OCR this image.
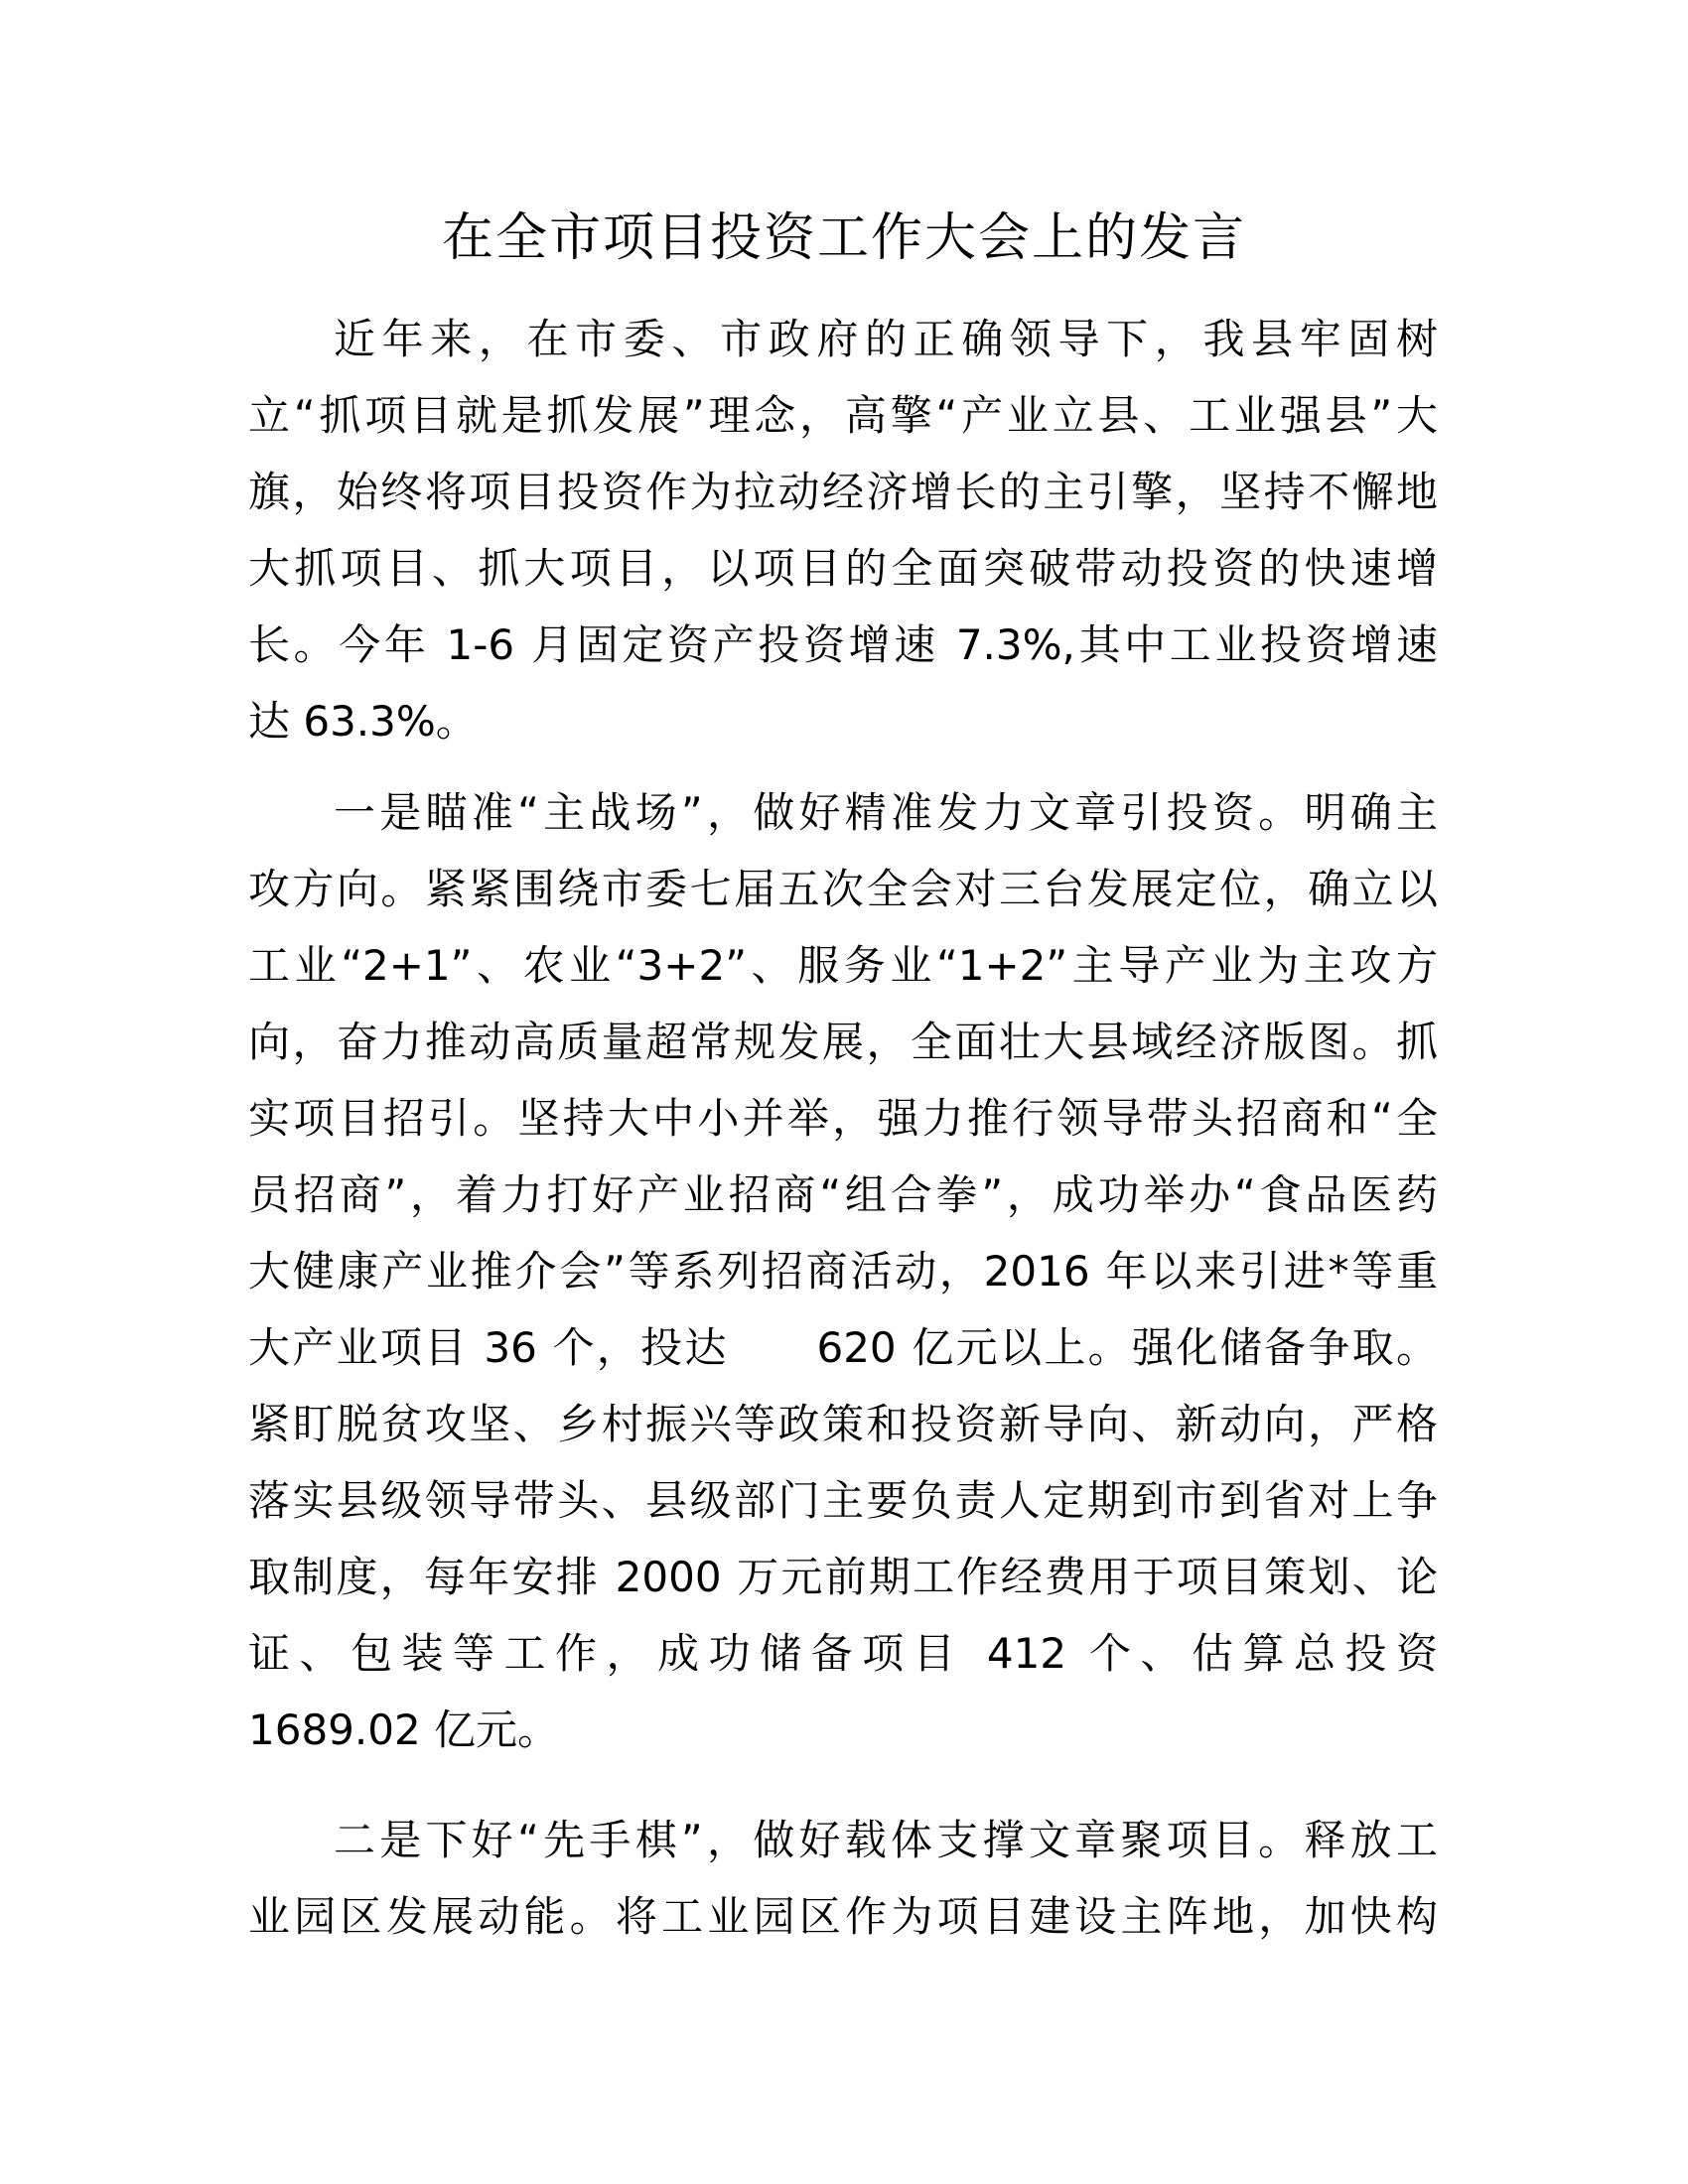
在全市项目投资工作大会上的发言
近年来，在市委、市政府的正确领导下，我县牢固树
立“抓项目就是抓发展”理念，高擎“产业立县、工业强县”大
旗，始终将项目投资作为拉动经济增长的主引擎，坚持不懈地
大抓项目、抓大项目，以项目的全面突破带动投资的快速增
长。今年 1-6 月固定资产投资增速 7.3%,其中工业投资增速
达 63.3%。
一是瞄准“主战场”，做好精准发力文章引投资。明确主
攻方向。紧紧围绕市委七届五次全会对三台发展定位，确立以
工业“2+1”、农业“3+2”、服务业“1+2”主导产业为主攻方
向，奋力推动高质量超常规发展，全面壮大县域经济版图。抓
实项目招引。坚持大中小并举，强力推行领导带头招商和“全
员招商”，着力打好产业招商“组合拳”，成功举办“食品医药
大健康产业推介会”等系列招商活动，2016 年以来引进*等重
大产业项目 36 个，投达　　620 亿元以上。强化储备争取。
紧盯脱贫攻坚、乡村振兴等政策和投资新导向、新动向，严格
落实县级领导带头、县级部门主要负责人定期到市到省对上争
取制度，每年安排 2000 万元前期工作经费用于项目策划、论
证、包装等工作，成功储备项目 412 个、估算总投资
1689.02 亿元。
二是下好“先手棋”，做好载体支撑文章聚项目。释放工
业园区发展动能。将工业园区作为项目建设主阵地，加快构
